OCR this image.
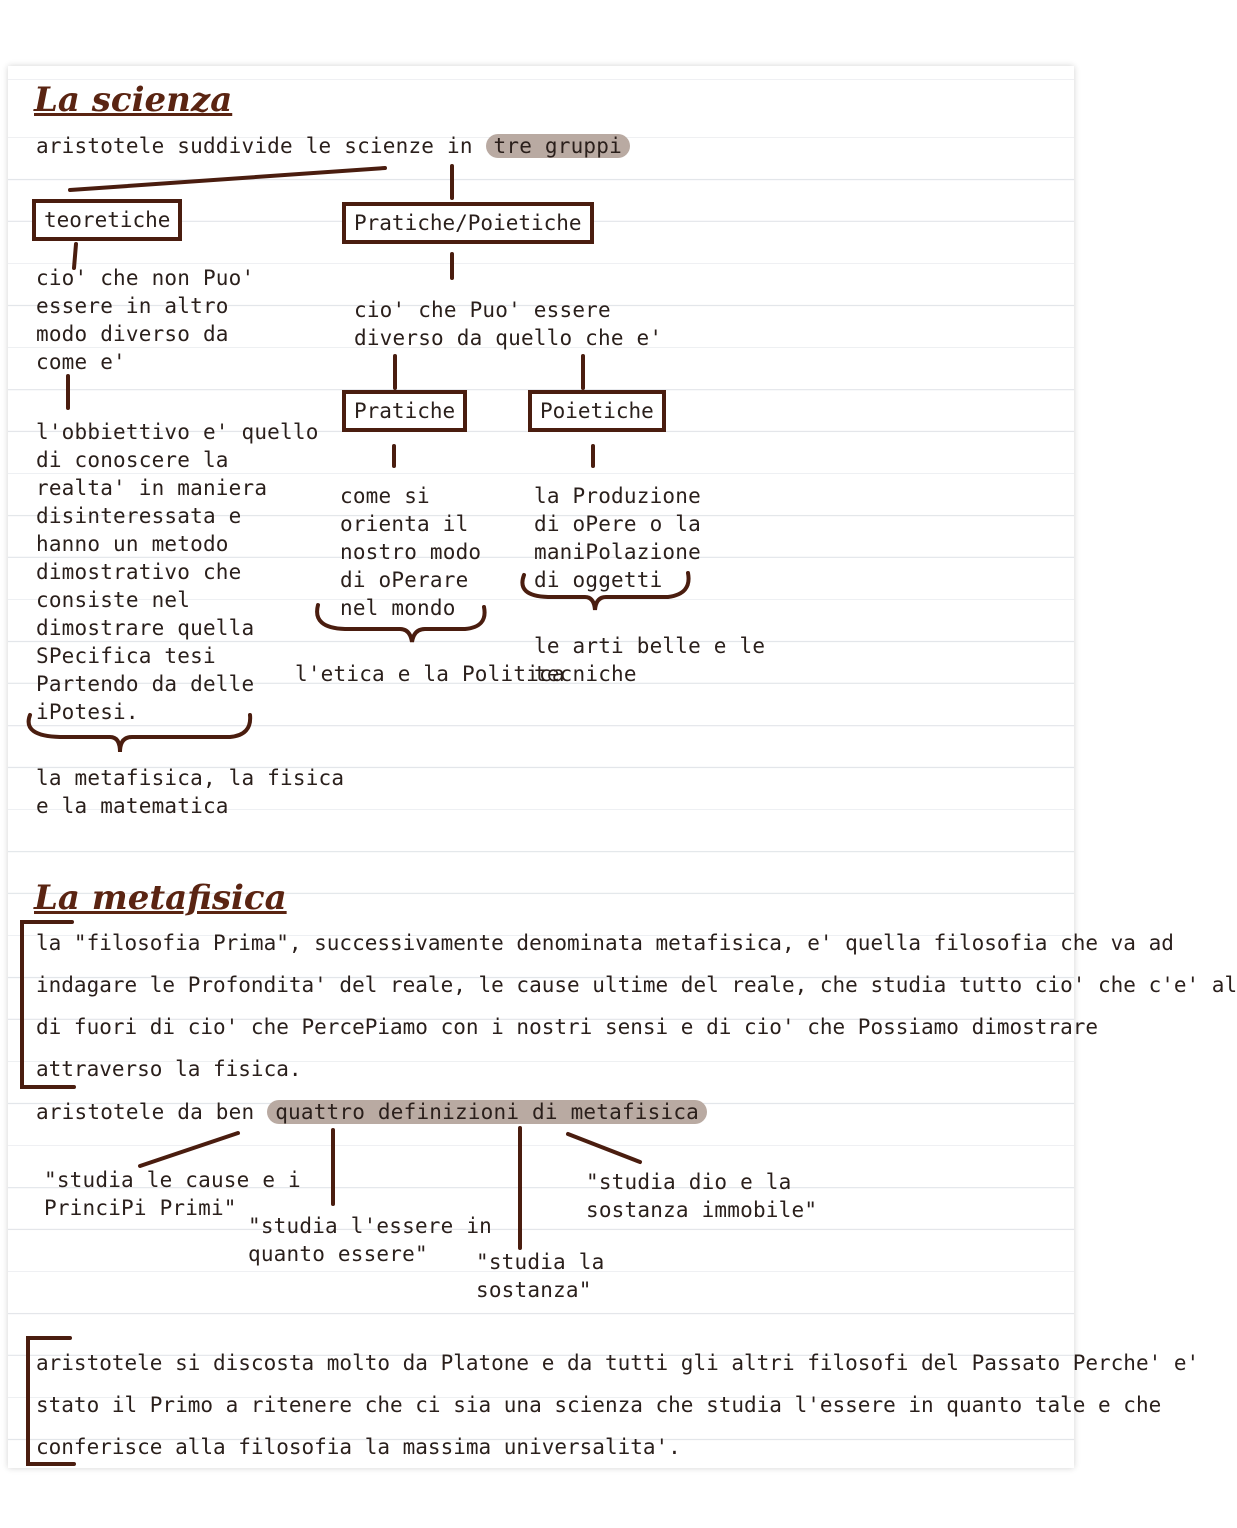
La scienza
aristotele suddivide le scienze in tre gruppi
teoretiche	Pratiche/Poietiche
cio' che non Puo'
essere in altro
modo diverso da
come e'
l'obbiettivo e' quello
di conoscere la
realta' in maniera
disinteressata e
hanno un metodo
dimostrativo che
consiste nel
dimostrare quella
SPecifica tesi
Partendo da delle
iPotesi.
la metafisica, la fisica
e la matematica
cio' che Puo' essere
diverso da quello che e'
Pratiche	Poietiche
come si
orienta il
nostro modo
di oPerare
nel mondo
la Produzione
di oPere o la
maniPolazione
di oggetti
l'etica e la Politica
le arti belle e le
tecniche
La metafisica
la "filosofia Prima", successivamente denominata metafisica, e' quella filosofia che va ad
indagare le Profondita' del reale, le cause ultime del reale, che studia tutto cio' che c'e' al
di fuori di cio' che PercePiamo con i nostri sensi e di cio' che Possiamo dimostrare
attraverso la fisica.
aristotele da ben quattro definizioni di metafisica
"studia le cause e i
PrinciPi Primi"
"studia l'essere in
quanto essere"	"studia la
sostanza"
"studia dio e la
sostanza immobile"
aristotele si discosta molto da Platone e da tutti gli altri filosofi del Passato Perche' e'
stato il Primo a ritenere che ci sia una scienza che studia l'essere in quanto tale e che
conferisce alla filosofia la massima universalita'.
